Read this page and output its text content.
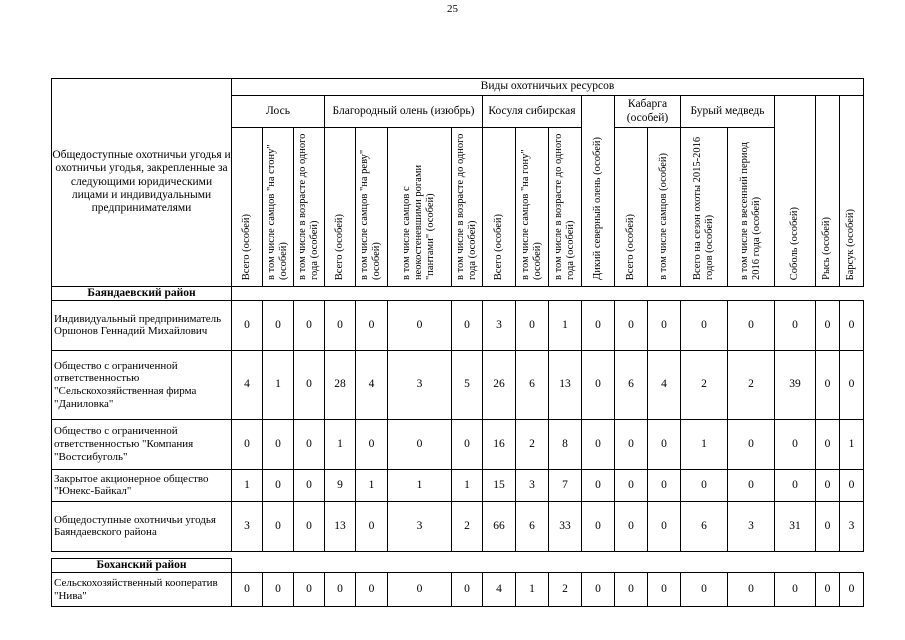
25
Общедоступные охотничьи угодья и охотничьи угодья, закрепленные за следующими юридическими лицами и индивидуальными предпринимателями	Виды охотничьих ресурсов																	
	Лось			Благородный олень (изюбрь)				Косуля сибирская			Дикий северный олень (особей)	Кабарга (особей)		Бурый медведь		Соболь (особей)	Рысь (особей)	Барсук (особей)
	Всего (особей)	в том числе самцов "на стону" (особей)	в том числе в возрасте до одного года (особей)	Всего (особей)	в том числе самцов "на реву" (особей)	в том числе самцов с неокостеневшими рогами "пантами" (особей)	в том числе в возрасте до одного года (особей)	Всего (особей)	в том числе самцов "на гону" (особей)	в том числе в возрасте до одного года (особей)		Всего (особей)	в том числе самцов (особей)	Всего на сезон охоты 2015-2016 годов (особей)	в том числе в весенний период 2016 года (особей)			
Баяндаевский район																		
Индивидуальный предприниматель Оршонов Геннадий Михайлович	0	0	0	0	0	0	0	3	0	1	0	0	0	0	0	0	0	0
Общество с ограниченной ответственностью "Сельскохозяйственная фирма "Даниловка"	4	1	0	28	4	3	5	26	6	13	0	6	4	2	2	39	0	0
Общество с ограниченной ответственностью "Компания "Востсибуголь"	0	0	0	1	0	0	0	16	2	8	0	0	0	1	0	0	0	1
Закрытое акционерное общество "Юнекс-Байкал"	1	0	0	9	1	1	1	15	3	7	0	0	0	0	0	0	0	0
Общедоступные охотничьи угодья Баяндаевского района	3	0	0	13	0	3	2	66	6	33	0	0	0	6	3	31	0	3

Боханский район																		
Сельскохозяйственный кооператив "Нива"	0	0	0	0	0	0	0	4	1	2	0	0	0	0	0	0	0	0
